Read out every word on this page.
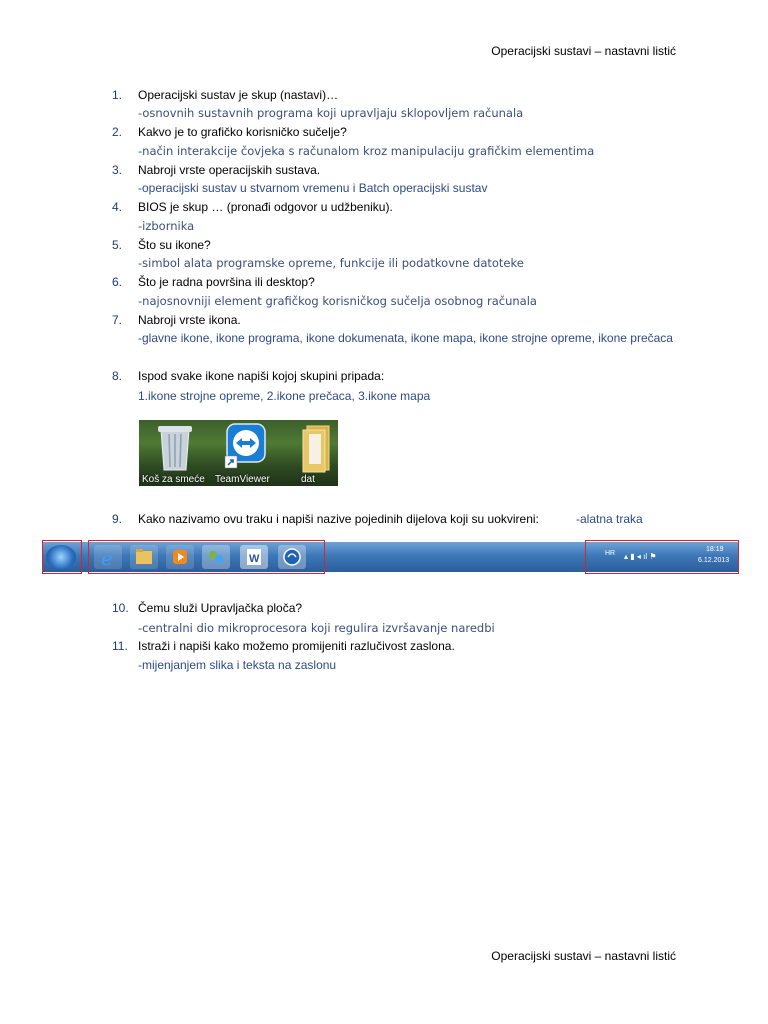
Operacijski sustavi – nastavni listić
1.	Operacijski sustav je skup (nastavi)…
-osnovnih sustavnih programa koji upravljaju sklopovljem računala
2.	Kakvo je to grafičko korisničko sučelje?
-način interakcije čovjeka s računalom kroz manipulaciju grafičkim elementima
3.	Nabroji vrste operacijskih sustava.
-operacijski sustav u stvarnom vremenu i Batch operacijski sustav
4.	BIOS je skup … (pronađi odgovor u udžbeniku).
-izbornika
5.	Što su ikone?
-simbol alata programske opreme, funkcije ili podatkovne datoteke
6.	Što je radna površina ili desktop?
-najosnovniji element grafičkog korisničkog sučelja osobnog računala
7.	Nabroji vrste ikona.
-glavne ikone, ikone programa, ikone dokumenata, ikone mapa, ikone strojne opreme, ikone prečaca
8.	Ispod svake ikone napiši kojoj skupini pripada:
1.ikone strojne opreme, 2.ikone prečaca, 3.ikone mapa
Koš za smeće TeamViewer	dat
9.	Kako nazivamo ovu traku i napiši nazive pojedinih dijelova koji su uokvireni:	-alatna traka
e	W	HR ▴ ▮ ◂ ıl ⚑
18:19
6.12.2013
10. Čemu služi Upravljačka ploča?
-centralni dio mikroprocesora koji regulira izvršavanje naredbi
11. Istraži i napiši kako možemo promijeniti razlučivost zaslona.
-mijenjanjem slika i teksta na zaslonu
Operacijski sustavi – nastavni listić
